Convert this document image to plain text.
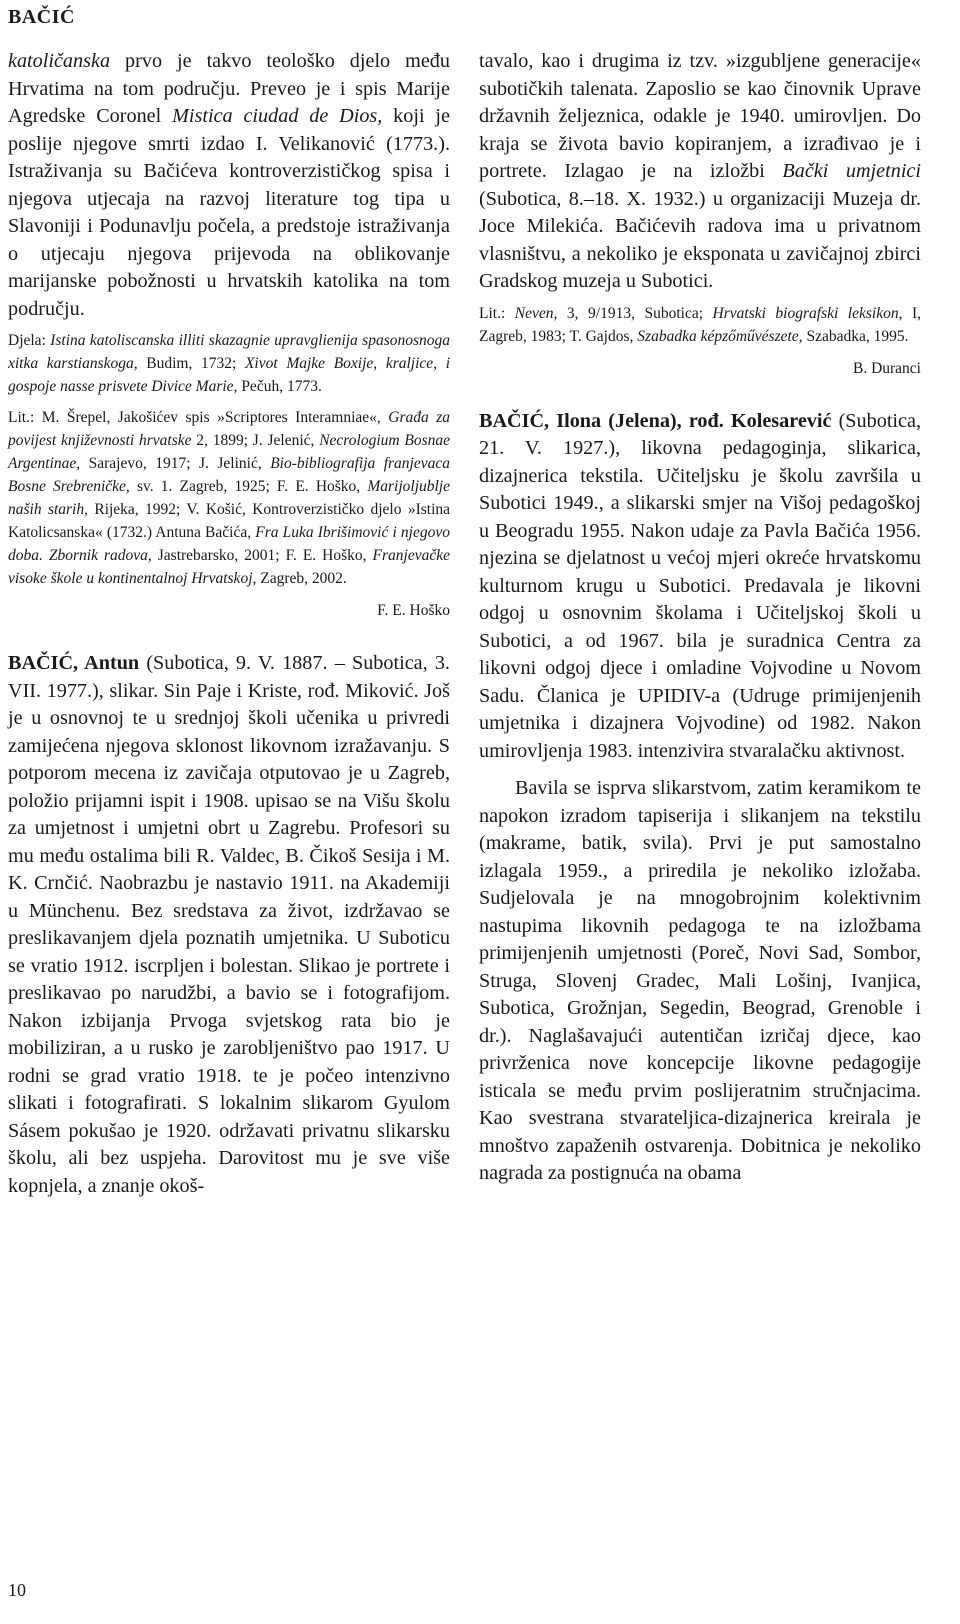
BAČIĆ

katoličanska prvo je takvo teološko djelo među Hrvatima na tom području. Preveo je i spis Marije Agredske Coronel Mistica ciudad de Dios, koji je poslije njegove smrti izdao I. Velikanović (1773.). Istraživanja su Bačićeva kontroverzističkog spisa i njegova utjecaja na razvoj literature tog tipa u Slavoniji i Podunavlju počela, a predstoje istraživanja o utjecaju njegova prijevoda na oblikovanje marijanske pobožnosti u hrvatskih katolika na tom području.

Djela: Istina katoliscanska illiti skazagnie upravglienija spasonosnoga xitka karstianskoga, Budim, 1732; Xivot Majke Boxije, kraljice, i gospoje nasse prisvete Divice Marie, Pečuh, 1773.

Lit.: M. Šrepel, Jakošićev spis »Scriptores Interamniae«, Građa za povijest književnosti hrvatske 2, 1899; J. Jelenić, Necrologium Bosnae Argentinae, Sarajevo, 1917; J. Jelinić, Bio-bibliografija franjevaca Bosne Srebreničke, sv. 1. Zagreb, 1925; F. E. Hoško, Marijoljublje naših starih, Rijeka, 1992; V. Košić, Kontroverzističko djelo »Istina Katolicsanska« (1732.) Antuna Bačića, Fra Luka Ibrišimović i njegovo doba. Zbornik radova, Jastrebarsko, 2001; F. E. Hoško, Franjevačke visoke škole u kontinentalnoj Hrvatskoj, Zagreb, 2002.

F. E. Hoško

BAČIĆ, Antun (Subotica, 9. V. 1887. – Subotica, 3. VII. 1977.), slikar. Sin Paje i Kriste, rođ. Miković. Još je u osnovnoj te u srednjoj školi učenika u privredi zamijećena njegova sklonost likovnom izražavanju. S potporom mecena iz zavičaja otputovao je u Zagreb, položio prijamni ispit i 1908. upisao se na Višu školu za umjetnost i umjetni obrt u Zagrebu. Profesori su mu među ostalima bili R. Valdec, B. Čikoš Sesija i M. K. Crnčić. Naobrazbu je nastavio 1911. na Akademiji u Münchenu. Bez sredstava za život, izdržavao se preslikavanjem djela poznatih umjetnika. U Suboticu se vratio 1912. iscrpljen i bolestan. Slikao je portrete i preslikavao po narudžbi, a bavio se i fotografijom. Nakon izbijanja Prvoga svjetskog rata bio je mobiliziran, a u rusko je zarobljeništvo pao 1917. U rodni se grad vratio 1918. te je počeo intenzivno slikati i fotografirati. S lokalnim slikarom Gyulom Sásem pokušao je 1920. održavati privatnu slikarsku školu, ali bez uspjeha. Darovitost mu je sve više kopnjela, a znanje okoš-

tavalo, kao i drugima iz tzv. »izgubljene generacije« subotičkih talenata. Zaposlio se kao činovnik Uprave državnih željeznica, odakle je 1940. umirovljen. Do kraja se života bavio kopiranjem, a izrađivao je i portrete. Izlagao je na izložbi Bački umjetnici (Subotica, 8.–18. X. 1932.) u organizaciji Muzeja dr. Joce Milekića. Bačićevih radova ima u privatnom vlasništvu, a nekoliko je eksponata u zavičajnoj zbirci Gradskog muzeja u Subotici.

Lit.: Neven, 3, 9/1913, Subotica; Hrvatski biografski leksikon, I, Zagreb, 1983; T. Gajdos, Szabadka képzőművészete, Szabadka, 1995.

B. Duranci

BAČIĆ, Ilona (Jelena), rođ. Kolesarević (Subotica, 21. V. 1927.), likovna pedagoginja, slikarica, dizajnerica tekstila. Učiteljsku je školu završila u Subotici 1949., a slikarski smjer na Višoj pedagoškoj u Beogradu 1955. Nakon udaje za Pavla Bačića 1956. njezina se djelatnost u većoj mjeri okreće hrvatskomu kulturnom krugu u Subotici. Predavala je likovni odgoj u osnovnim školama i Učiteljskoj školi u Subotici, a od 1967. bila je suradnica Centra za likovni odgoj djece i omladine Vojvodine u Novom Sadu. Članica je UPIDIV-a (Udruge primijenjenih umjetnika i dizajnera Vojvodine) od 1982. Nakon umirovljenja 1983. intenzivira stvaralačku aktivnost.

Bavila se isprva slikarstvom, zatim keramikom te napokon izradom tapiserija i slikanjem na tekstilu (makrame, batik, svila). Prvi je put samostalno izlagala 1959., a priredila je nekoliko izložaba. Sudjelovala je na mnogobrojnim kolektivnim nastupima likovnih pedagoga te na izložbama primijenjenih umjetnosti (Poreč, Novi Sad, Sombor, Struga, Slovenj Gradec, Mali Lošinj, Ivanjica, Subotica, Grožnjan, Segedin, Beograd, Grenoble i dr.). Naglašavajući autentičan izričaj djece, kao privrženica nove koncepcije likovne pedagogije isticala se među prvim poslijeratnim stručnjacima. Kao svestrana stvarateljica-dizajnerica kreirala je mnoštvo zapaženih ostvarenja. Dobitnica je nekoliko nagrada za postignuća na obama

10
